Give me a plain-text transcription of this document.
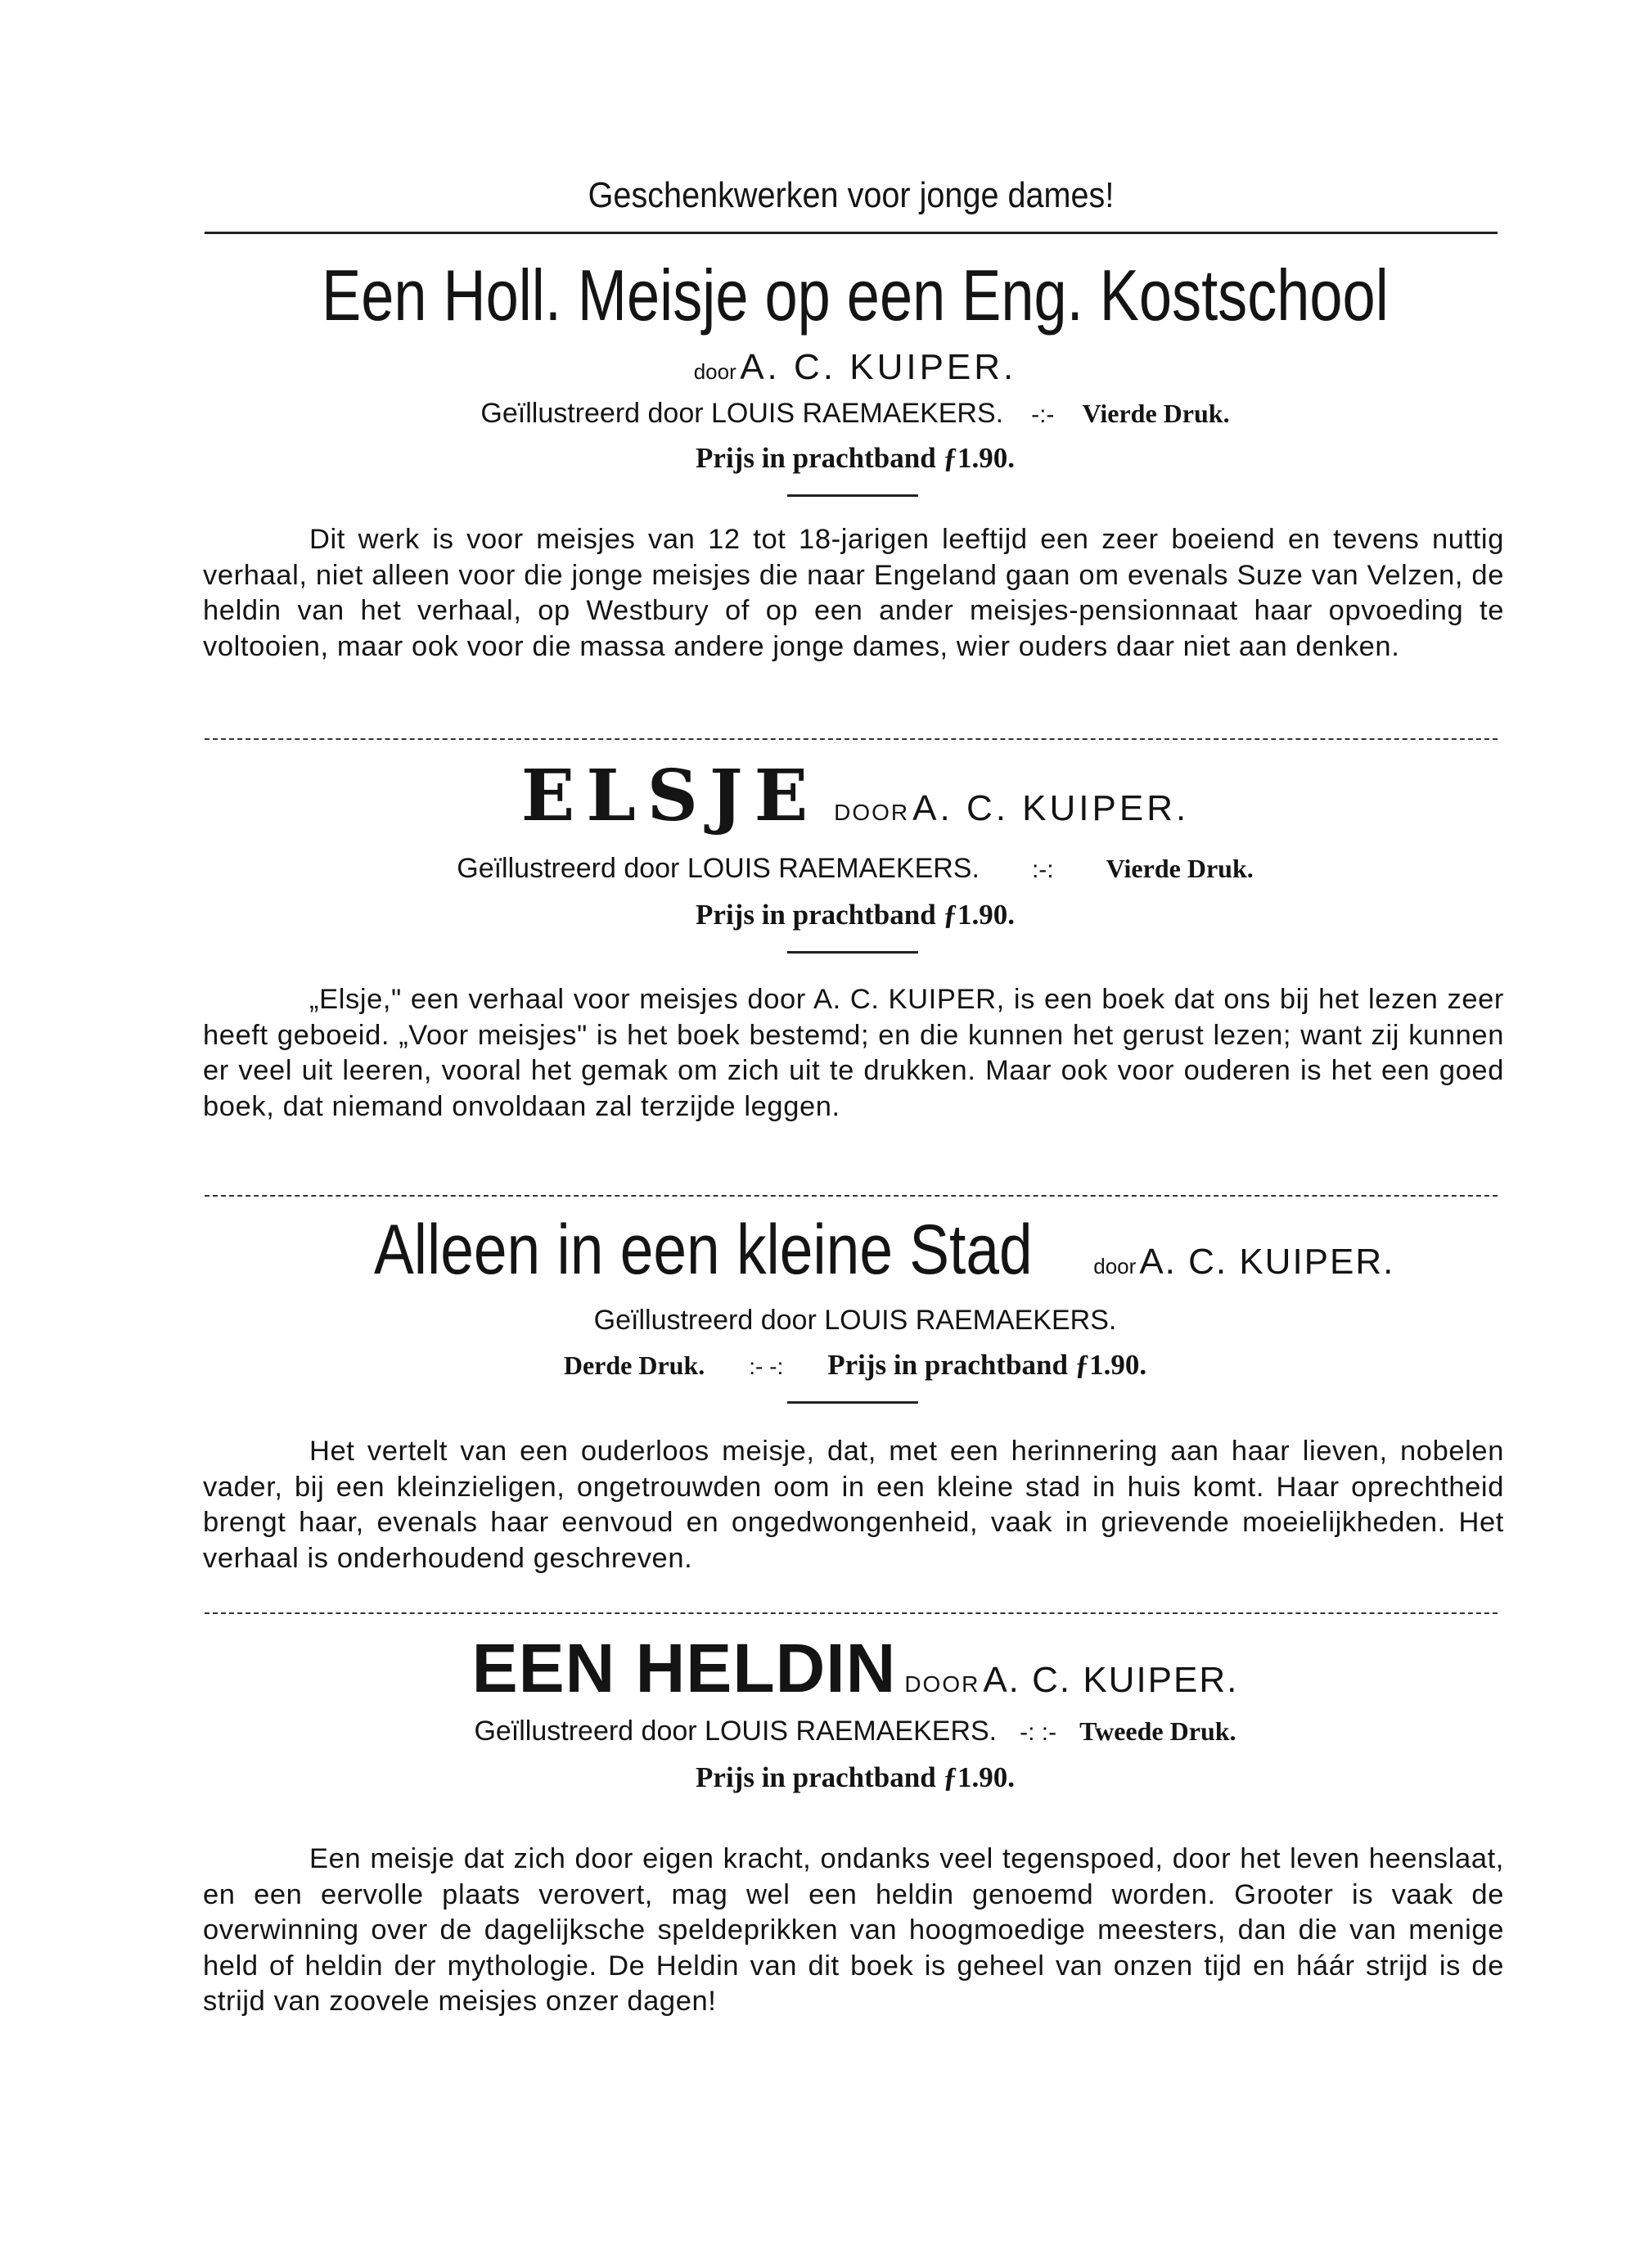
Geschenkwerken voor jonge dames!
Een Holl. Meisje op een Eng. Kostschool
door A. C. KUIPER.
Geïllustreerd door LOUIS RAEMAEKERS. -:- Vierde Druk.
Prijs in prachtband ƒ1.90.
Dit werk is voor meisjes van 12 tot 18-jarigen leeftijd een zeer boeiend en tevens nuttig verhaal, niet alleen voor die jonge meisjes die naar Engeland gaan om evenals Suze van Velzen, de heldin van het verhaal, op Westbury of op een ander meisjes-pensionnaat haar opvoeding te voltooien, maar ook voor die massa andere jonge dames, wier ouders daar niet aan denken.
ELSJE DOOR A. C. KUIPER.
Geïllustreerd door LOUIS RAEMAEKERS. :-: Vierde Druk.
Prijs in prachtband ƒ1.90.
„Elsje," een verhaal voor meisjes door A. C. KUIPER, is een boek dat ons bij het lezen zeer heeft geboeid. „Voor meisjes" is het boek bestemd; en die kunnen het gerust lezen; want zij kunnen er veel uit leeren, vooral het gemak om zich uit te drukken. Maar ook voor ouderen is het een goed boek, dat niemand onvoldaan zal terzijde leggen.
Alleen in een kleine Stad	door A. C. KUIPER.
Geïllustreerd door LOUIS RAEMAEKERS.
Derde Druk. :- -: Prijs in prachtband ƒ1.90.
Het vertelt van een ouderloos meisje, dat, met een herinnering aan haar lieven, nobelen vader, bij een kleinzieligen, ongetrouwden oom in een kleine stad in huis komt. Haar oprechtheid brengt haar, evenals haar eenvoud en ongedwongenheid, vaak in grievende moeielijkheden. Het verhaal is onderhoudend geschreven.
EEN HELDIN DOOR A. C. KUIPER.
Geïllustreerd door LOUIS RAEMAEKERS. -: :- Tweede Druk.
Prijs in prachtband ƒ1.90.
Een meisje dat zich door eigen kracht, ondanks veel tegenspoed, door het leven heenslaat, en een eervolle plaats verovert, mag wel een heldin genoemd worden. Grooter is vaak de overwinning over de dagelijksche speldeprikken van hoogmoedige meesters, dan die van menige held of heldin der mythologie. De Heldin van dit boek is geheel van onzen tijd en háár strijd is de strijd van zoovele meisjes onzer dagen!
